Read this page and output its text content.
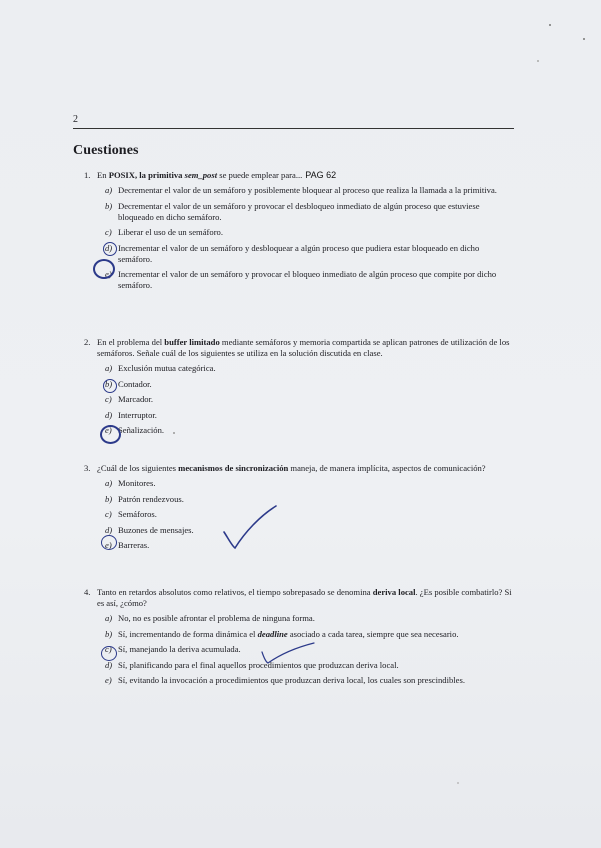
2
Cuestiones
1. En POSIX, la primitiva sem_post se puede emplear para... PAG 62
a) Decrementar el valor de un semáforo y posiblemente bloquear al proceso que realiza la llamada a la primitiva.
b) Decrementar el valor de un semáforo y provocar el desbloqueo inmediato de algún proceso que estuviese bloqueado en dicho semáforo.
c) Liberar el uso de un semáforo.
d) Incrementar el valor de un semáforo y desbloquear a algún proceso que pudiera estar bloqueado en dicho semáforo.
e) Incrementar el valor de un semáforo y provocar el bloqueo inmediato de algún proceso que compite por dicho semáforo.
2. En el problema del buffer limitado mediante semáforos y memoria compartida se aplican patrones de utilización de los semáforos. Señale cuál de los siguientes se utiliza en la solución discutida en clase.
a) Exclusión mutua categórica.
b) Contador.
c) Marcador.
d) Interruptor.
e) Señalización.
3. ¿Cuál de los siguientes mecanismos de sincronización maneja, de manera implícita, aspectos de comunicación?
a) Monitores.
b) Patrón rendezvous.
c) Semáforos.
d) Buzones de mensajes.
e) Barreras.
4. Tanto en retardos absolutos como relativos, el tiempo sobrepasado se denomina deriva local. ¿Es posible combatirlo? Si es así, ¿cómo?
a) No, no es posible afrontar el problema de ninguna forma.
b) Sí, incrementando de forma dinámica el deadline asociado a cada tarea, siempre que sea necesario.
c) Sí, manejando la deriva acumulada.
d) Sí, planificando para el final aquellos procedimientos que produzcan deriva local.
e) Sí, evitando la invocación a procedimientos que produzcan deriva local, los cuales son prescindibles.
